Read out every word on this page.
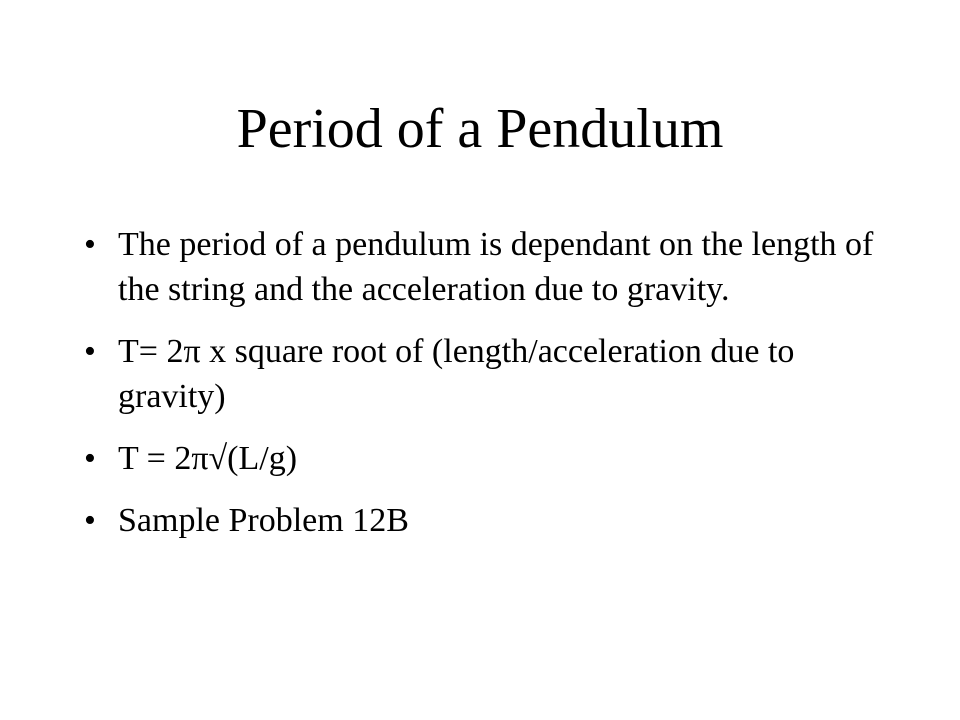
Period of a Pendulum
• The period of a pendulum is dependant on the length of the string and the acceleration due to gravity.
• T= 2π x square root of (length/acceleration due to gravity)
• T = 2π√(L/g)
• Sample Problem 12B
